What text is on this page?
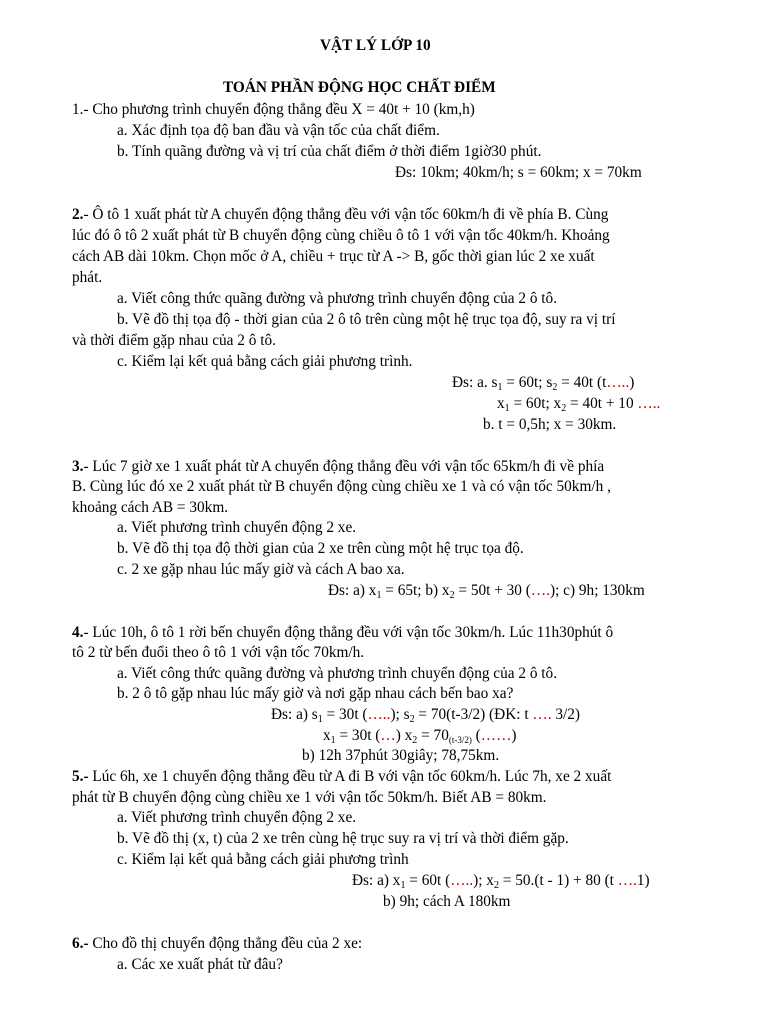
VẬT LÝ LỚP 10
TOÁN PHẦN ĐỘNG HỌC CHẤT ĐIỂM
1.- Cho phương trình chuyển động thẳng đều X = 40t + 10 (km,h)
a. Xác định tọa độ ban đầu và vận tốc của chất điểm.
b. Tính quãng đường và vị trí của chất điểm ở thời điểm 1giờ30 phút.
Đs: 10km; 40km/h; s = 60km; x = 70km
2.- Ô tô 1 xuất phát từ A chuyển động thẳng đều với vận tốc 60km/h đi về phía B. Cùng
lúc đó ô tô 2 xuất phát từ B chuyển động cùng chiều ô tô 1 với vận tốc 40km/h. Khoảng
cách AB dài 10km. Chọn mốc ở A, chiều + trục từ A -> B, gốc thời gian lúc 2 xe xuất
phát.
a. Viết công thức quãng đường và phương trình chuyển động của 2 ô tô.
b. Vẽ đồ thị tọa độ - thời gian của 2 ô tô trên cùng một hệ trục tọa độ, suy ra vị trí
và thời điểm gặp nhau của 2 ô tô.
c. Kiểm lại kết quả bằng cách giải phương trình.
Đs: a. $s_1 = 60t$; $s_2 = 40t$ (t…..)
$x_1 = 60t$; $x_2 = 40t + 10$ …..
b. t = 0,5h; x = 30km.
3.- Lúc 7 giờ xe 1 xuất phát từ A chuyển động thẳng đều với vận tốc 65km/h đi về phía
B. Cùng lúc đó xe 2 xuất phát từ B chuyển động cùng chiều xe 1 và có vận tốc 50km/h ,
khoảng cách AB = 30km.
a. Viết phương trình chuyển động 2 xe.
b. Vẽ đồ thị tọa độ thời gian của 2 xe trên cùng một hệ trục tọa độ.
c. 2 xe gặp nhau lúc mấy giờ và cách A bao xa.
Đs: a) $x_1 = 65t$; b) $x_2 = 50t + 30$ (….); c) 9h; 130km
4.- Lúc 10h, ô tô 1 rời bến chuyển động thẳng đều với vận tốc 30km/h. Lúc 11h30phút ô
tô 2 từ bến đuổi theo ô tô 1 với vận tốc 70km/h.
a. Viết công thức quãng đường và phương trình chuyển động của 2 ô tô.
b. 2 ô tô gặp nhau lúc mấy giờ và nơi gặp nhau cách bến bao xa?
Đs: a) $s_1 = 30t$ (…..); $s_2 = 70(t-3/2)$ (ĐK: t …. 3/2)
$x_1 = 30t$ (…) $x_2 = 70(t-3/2)$ (……)
b) 12h 37phút 30giây; 78,75km.
5.- Lúc 6h, xe 1 chuyển động thẳng đều từ A đi B với vận tốc 60km/h. Lúc 7h, xe 2 xuất
phát từ B chuyển động cùng chiều xe 1 với vận tốc 50km/h. Biết AB = 80km.
a. Viết phương trình chuyển động 2 xe.
b. Vẽ đồ thị (x, t) của 2 xe trên cùng hệ trục suy ra vị trí và thời điểm gặp.
c. Kiểm lại kết quả bằng cách giải phương trình
Đs: a) $x_1 = 60t$ (…..); $x_2 = 50.(t - 1) + 80$ (t ….1)
b) 9h; cách A 180km
6.- Cho đồ thị chuyển động thẳng đều của 2 xe:
a. Các xe xuất phát từ đâu?
